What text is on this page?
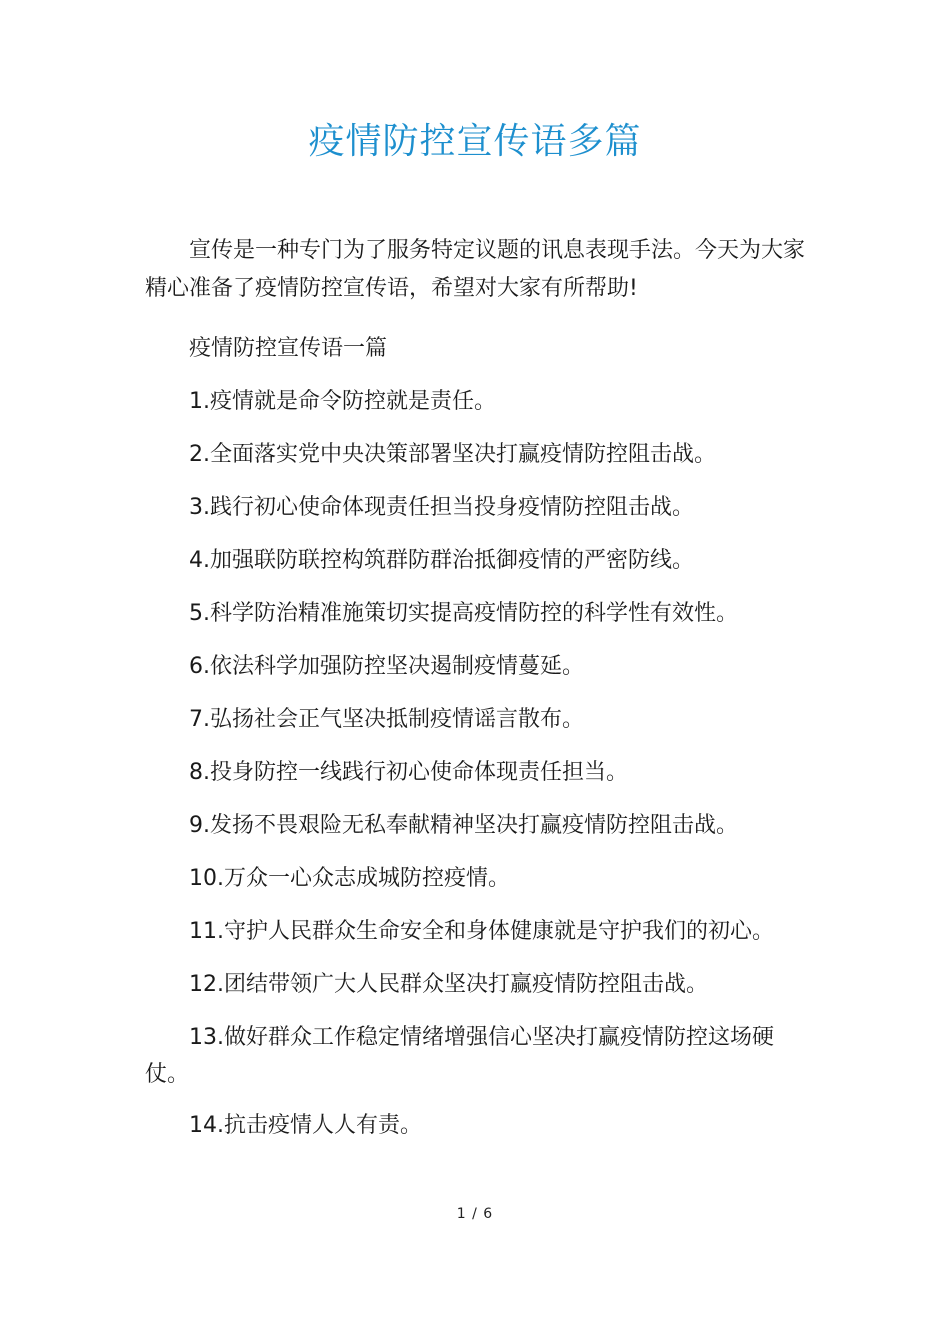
疫情防控宣传语多篇

宣传是一种专门为了服务特定议题的讯息表现手法。今天为大家精心准备了疫情防控宣传语，希望对大家有所帮助!

疫情防控宣传语一篇

1.疫情就是命令防控就是责任。

2.全面落实党中央决策部署坚决打赢疫情防控阻击战。

3.践行初心使命体现责任担当投身疫情防控阻击战。

4.加强联防联控构筑群防群治抵御疫情的严密防线。

5.科学防治精准施策切实提高疫情防控的科学性有效性。

6.依法科学加强防控坚决遏制疫情蔓延。

7.弘扬社会正气坚决抵制疫情谣言散布。

8.投身防控一线践行初心使命体现责任担当。

9.发扬不畏艰险无私奉献精神坚决打赢疫情防控阻击战。

10.万众一心众志成城防控疫情。

11.守护人民群众生命安全和身体健康就是守护我们的初心。

12.团结带领广大人民群众坚决打赢疫情防控阻击战。

13.做好群众工作稳定情绪增强信心坚决打赢疫情防控这场硬仗。

14.抗击疫情人人有责。

1 / 6
